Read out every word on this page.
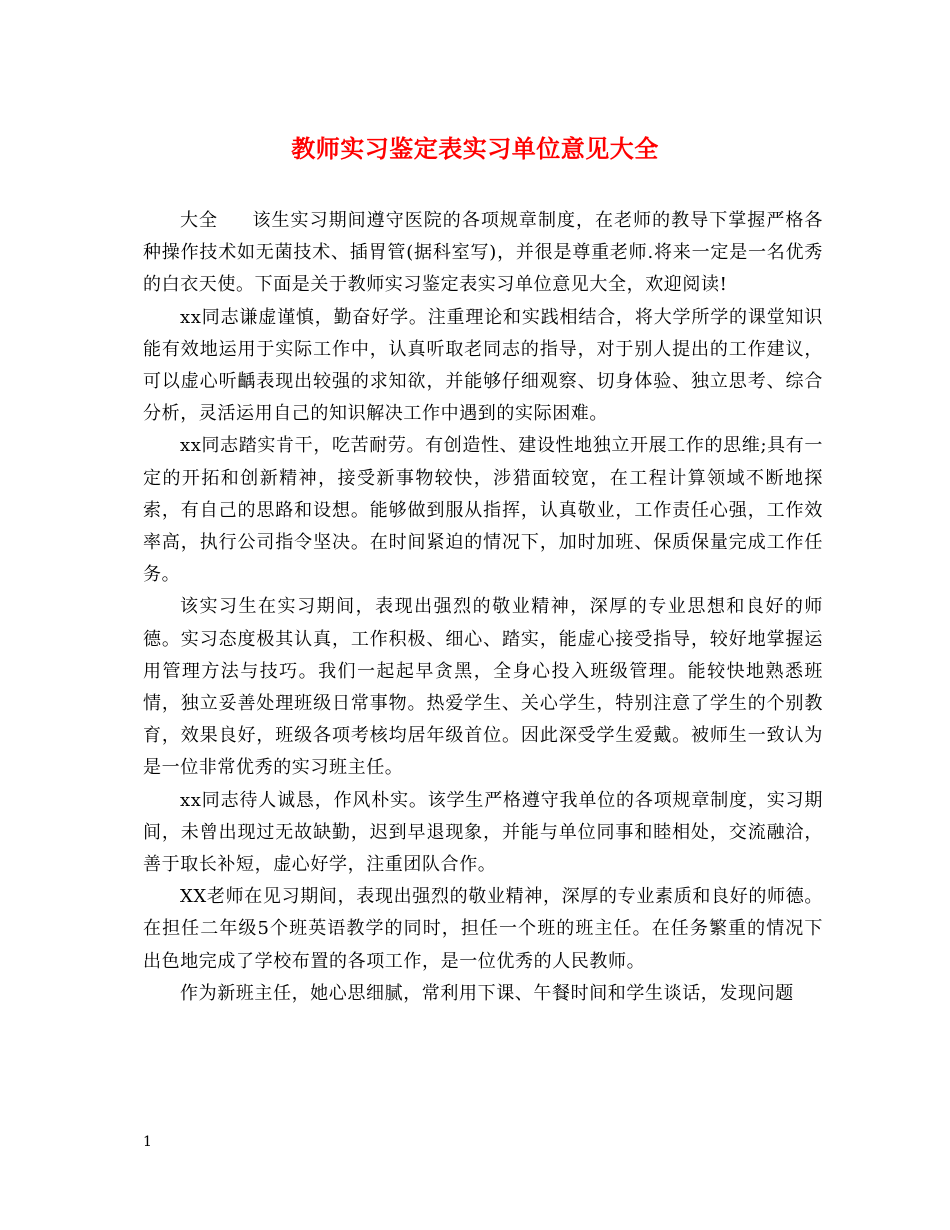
教师实习鉴定表实习单位意见大全

大全 该生实习期间遵守医院的各项规章制度，在老师的教导下掌握严格各种操作技术如无菌技术、插胃管(据科室写)，并很是尊重老师.将来一定是一名优秀的白衣天使。下面是关于教师实习鉴定表实习单位意见大全，欢迎阅读!

xx同志谦虚谨慎，勤奋好学。注重理论和实践相结合，将大学所学的课堂知识能有效地运用于实际工作中，认真听取老同志的指导，对于别人提出的工作建议，可以虚心听齲表现出较强的求知欲，并能够仔细观察、切身体验、独立思考、综合分析，灵活运用自己的知识解决工作中遇到的实际困难。

xx同志踏实肯干，吃苦耐劳。有创造性、建设性地独立开展工作的思维;具有一定的开拓和创新精神，接受新事物较快，涉猎面较宽，在工程计算领域不断地探索，有自己的思路和设想。能够做到服从指挥，认真敬业，工作责任心强，工作效率高，执行公司指令坚决。在时间紧迫的情况下，加时加班、保质保量完成工作任务。

该实习生在实习期间，表现出强烈的敬业精神，深厚的专业思想和良好的师德。实习态度极其认真，工作积极、细心、踏实，能虚心接受指导，较好地掌握运用管理方法与技巧。我们一起起早贪黑，全身心投入班级管理。能较快地熟悉班情，独立妥善处理班级日常事物。热爱学生、关心学生，特别注意了学生的个别教育，效果良好，班级各项考核均居年级首位。因此深受学生爱戴。被师生一致认为是一位非常优秀的实习班主任。

xx同志待人诚恳，作风朴实。该学生严格遵守我单位的各项规章制度，实习期间，未曾出现过无故缺勤，迟到早退现象，并能与单位同事和睦相处，交流融洽，善于取长补短，虚心好学，注重团队合作。

XX老师在见习期间，表现出强烈的敬业精神，深厚的专业素质和良好的师德。在担任二年级5个班英语教学的同时，担任一个班的班主任。在任务繁重的情况下出色地完成了学校布置的各项工作，是一位优秀的人民教师。

作为新班主任，她心思细腻，常利用下课、午餐时间和学生谈话，发现问题

1
